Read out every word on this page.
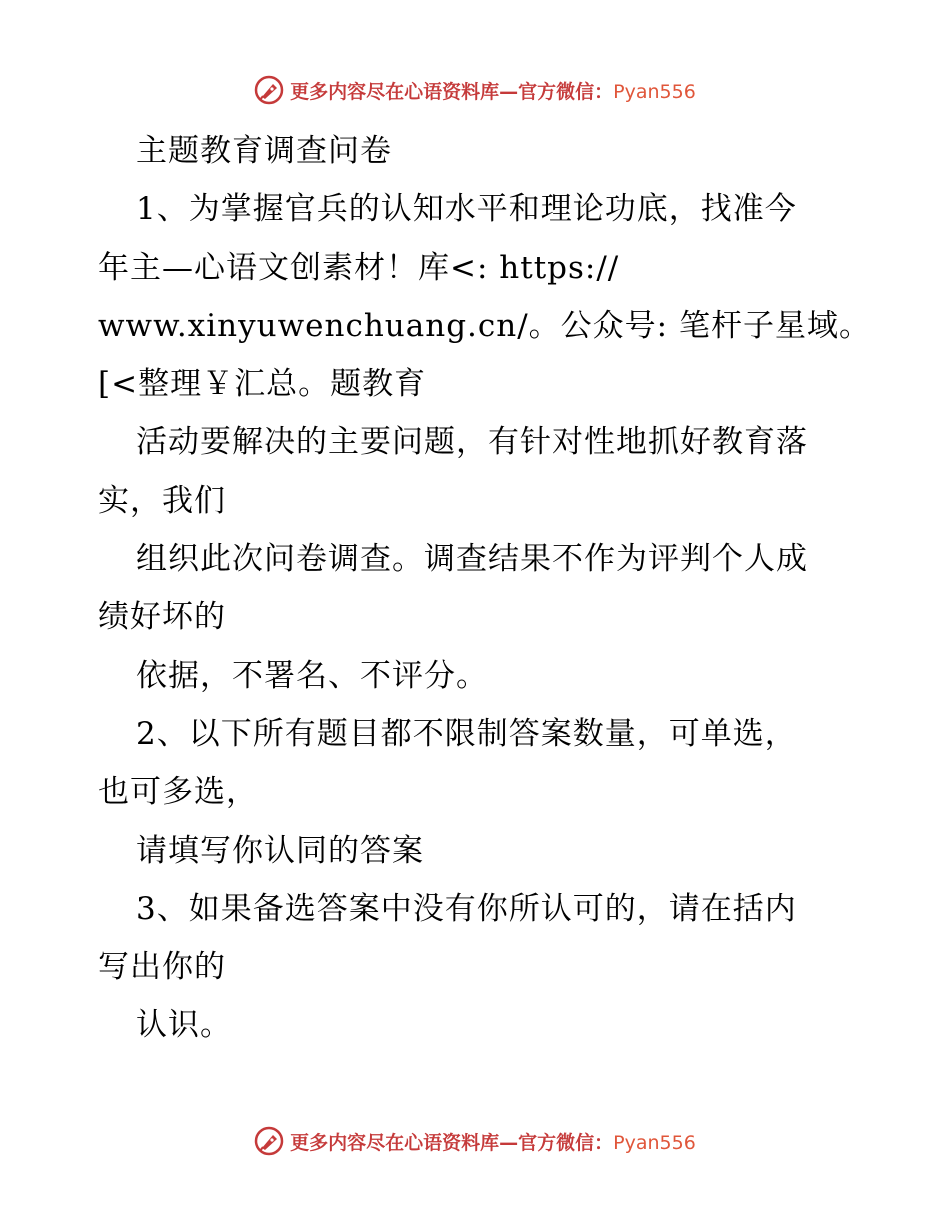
更多内容尽在心语资料库—官方微信：Pyan556
主题教育调查问卷
1、为掌握官兵的认知水平和理论功底，找准今
年主—心语文创素材！库<: https://
www.xinyuwenchuang.cn/。公众号: 笔杆子星域。
[<整理￥汇总。题教育
活动要解决的主要问题，有针对性地抓好教育落
实，我们
组织此次问卷调查。调查结果不作为评判个人成
绩好坏的
依据，不署名、不评分。
2、以下所有题目都不限制答案数量，可单选，
也可多选，
请填写你认同的答案
3、如果备选答案中没有你所认可的，请在括内
写出你的
认识。
更多内容尽在心语资料库—官方微信：Pyan556
